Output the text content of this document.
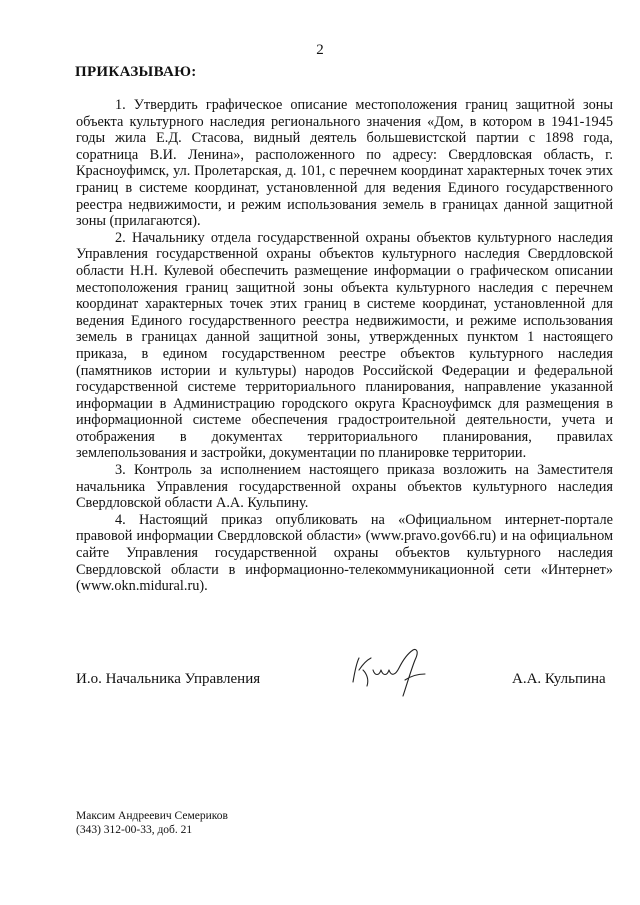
2
ПРИКАЗЫВАЮ:

1. Утвердить графическое описание местоположения границ защитной зоны объекта культурного наследия регионального значения «Дом, в котором в 1941-1945 годы жила Е.Д. Стасова, видный деятель большевистской партии с 1898 года, соратница В.И. Ленина», расположенного по адресу: Свердловская область, г. Красноуфимск, ул. Пролетарская, д. 101, с перечнем координат характерных точек этих границ в системе координат, установленной для ведения Единого государственного реестра недвижимости, и режим использования земель в границах данной защитной зоны (прилагаются).

2. Начальнику отдела государственной охраны объектов культурного наследия Управления государственной охраны объектов культурного наследия Свердловской области Н.Н. Кулевой обеспечить размещение информации о графическом описании местоположения границ защитной зоны объекта культурного наследия с перечнем координат характерных точек этих границ в системе координат, установленной для ведения Единого государственного реестра недвижимости, и режиме использования земель в границах данной защитной зоны, утвержденных пунктом 1 настоящего приказа, в едином государственном реестре объектов культурного наследия (памятников истории и культуры) народов Российской Федерации и федеральной государственной системе территориального планирования, направление указанной информации в Администрацию городского округа Красноуфимск для размещения в информационной системе обеспечения градостроительной деятельности, учета и отображения в документах территориального планирования, правилах землепользования и застройки, документации по планировке территории.

3. Контроль за исполнением настоящего приказа возложить на Заместителя начальника Управления государственной охраны объектов культурного наследия Свердловской области А.А. Кульпину.

4. Настоящий приказ опубликовать на «Официальном интернет-портале правовой информации Свердловской области» (www.pravo.gov66.ru) и на официальном сайте Управления государственной охраны объектов культурного наследия Свердловской области в информационно-телекоммуникационной сети «Интернет» (www.okn.midural.ru).

И.о. Начальника Управления	А.А. Кульпина
Максим Андреевич Семериков
(343) 312-00-33, доб. 21
